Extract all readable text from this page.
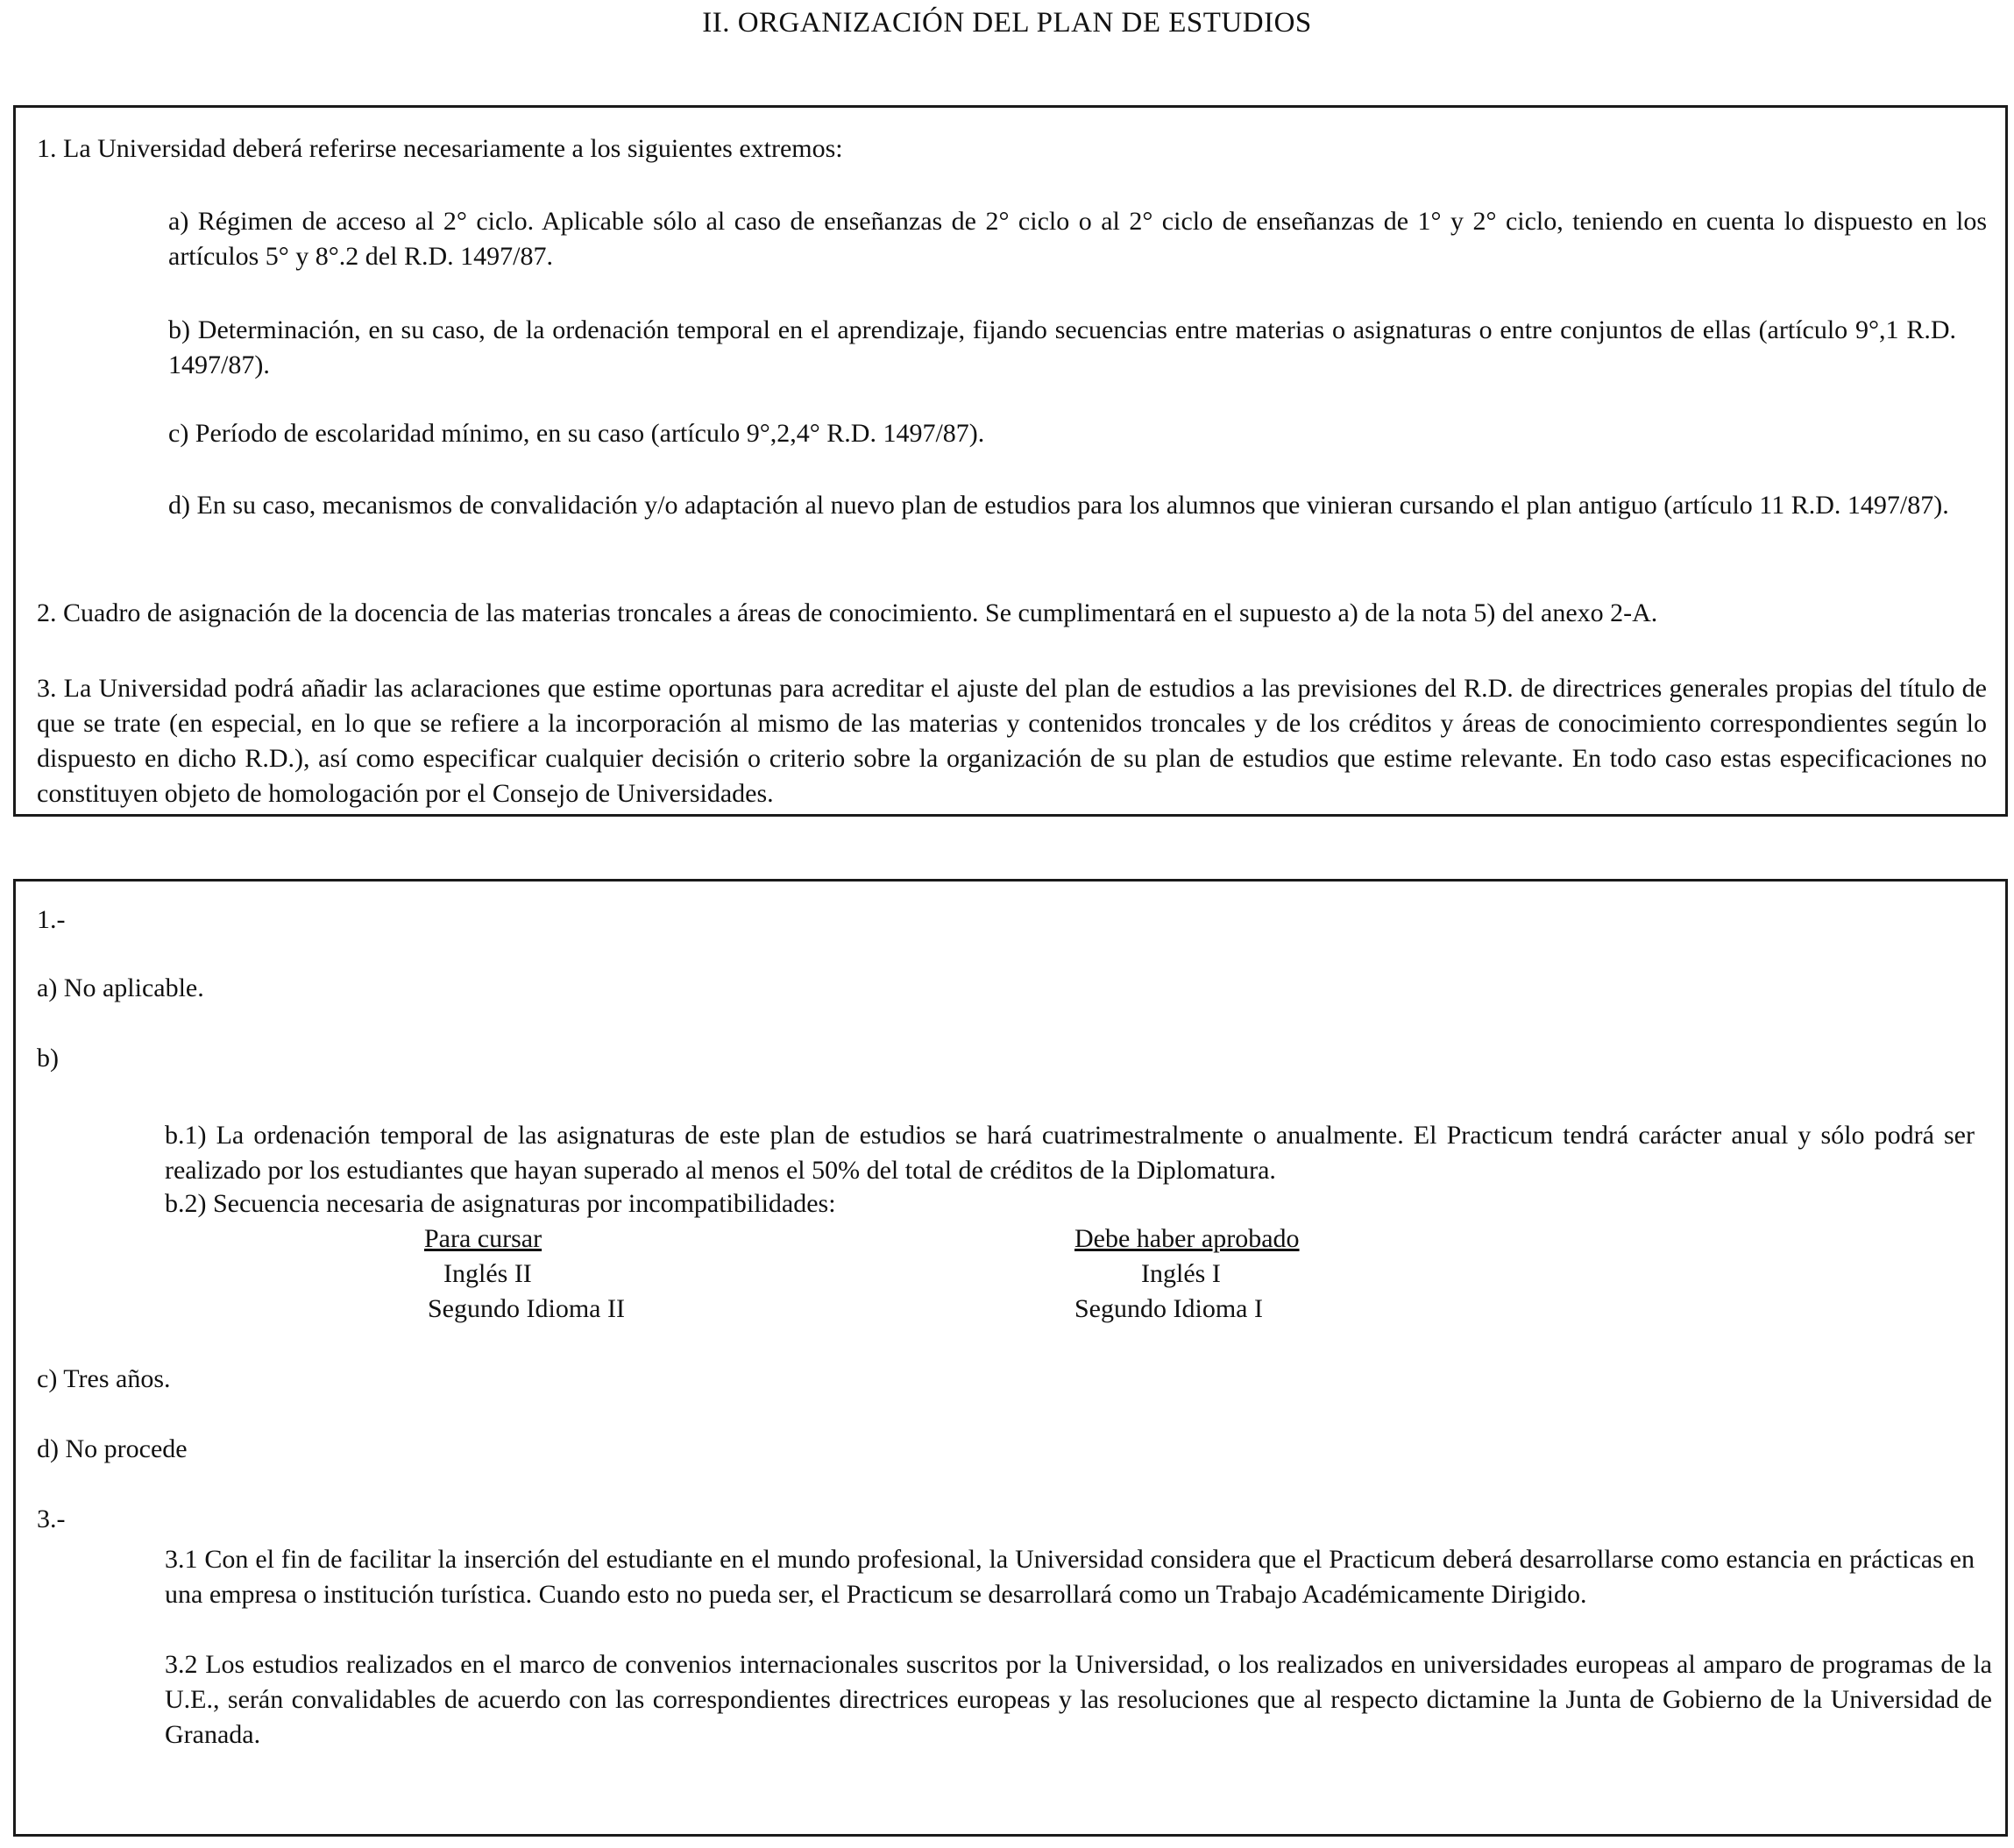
II. ORGANIZACIÓN DEL PLAN DE ESTUDIOS

1. La Universidad deberá referirse necesariamente a los siguientes extremos:

a) Régimen de acceso al 2° ciclo. Aplicable sólo al caso de enseñanzas de 2° ciclo o al 2° ciclo de enseñanzas de 1° y 2° ciclo, teniendo en cuenta lo dispuesto en los artículos 5° y 8°.2 del R.D. 1497/87.

b) Determinación, en su caso, de la ordenación temporal en el aprendizaje, fijando secuencias entre materias o asignaturas o entre conjuntos de ellas (artículo 9°,1 R.D. 1497/87).

c) Período de escolaridad mínimo, en su caso (artículo 9°,2,4° R.D. 1497/87).

d) En su caso, mecanismos de convalidación y/o adaptación al nuevo plan de estudios para los alumnos que vinieran cursando el plan antiguo (artículo 11 R.D. 1497/87).

2. Cuadro de asignación de la docencia de las materias troncales a áreas de conocimiento. Se cumplimentará en el supuesto a) de la nota 5) del anexo 2-A.

3. La Universidad podrá añadir las aclaraciones que estime oportunas para acreditar el ajuste del plan de estudios a las previsiones del R.D. de directrices generales propias del título de que se trate (en especial, en lo que se refiere a la incorporación al mismo de las materias y contenidos troncales y de los créditos y áreas de conocimiento correspondientes según lo dispuesto en dicho R.D.), así como especificar cualquier decisión o criterio sobre la organización de su plan de estudios que estime relevante. En todo caso estas especificaciones no constituyen objeto de homologación por el Consejo de Universidades.

1.-

a) No aplicable.

b)

b.1) La ordenación temporal de las asignaturas de este plan de estudios se hará cuatrimestralmente o anualmente. El Practicum tendrá carácter anual y sólo podrá ser realizado por los estudiantes que hayan superado al menos el 50% del total de créditos de la Diplomatura.

b.2) Secuencia necesaria de asignaturas por incompatibilidades:

Para cursar	Debe haber aprobado
Inglés II	Inglés I
Segundo Idioma II	Segundo Idioma I

c) Tres años.

d) No procede

3.-

3.1 Con el fin de facilitar la inserción del estudiante en el mundo profesional, la Universidad considera que el Practicum deberá desarrollarse como estancia en prácticas en una empresa o institución turística. Cuando esto no pueda ser, el Practicum se desarrollará como un Trabajo Académicamente Dirigido.

3.2 Los estudios realizados en el marco de convenios internacionales suscritos por la Universidad, o los realizados en universidades europeas al amparo de programas de la U.E., serán convalidables de acuerdo con las correspondientes directrices europeas y las resoluciones que al respecto dictamine la Junta de Gobierno de la Universidad de Granada.
